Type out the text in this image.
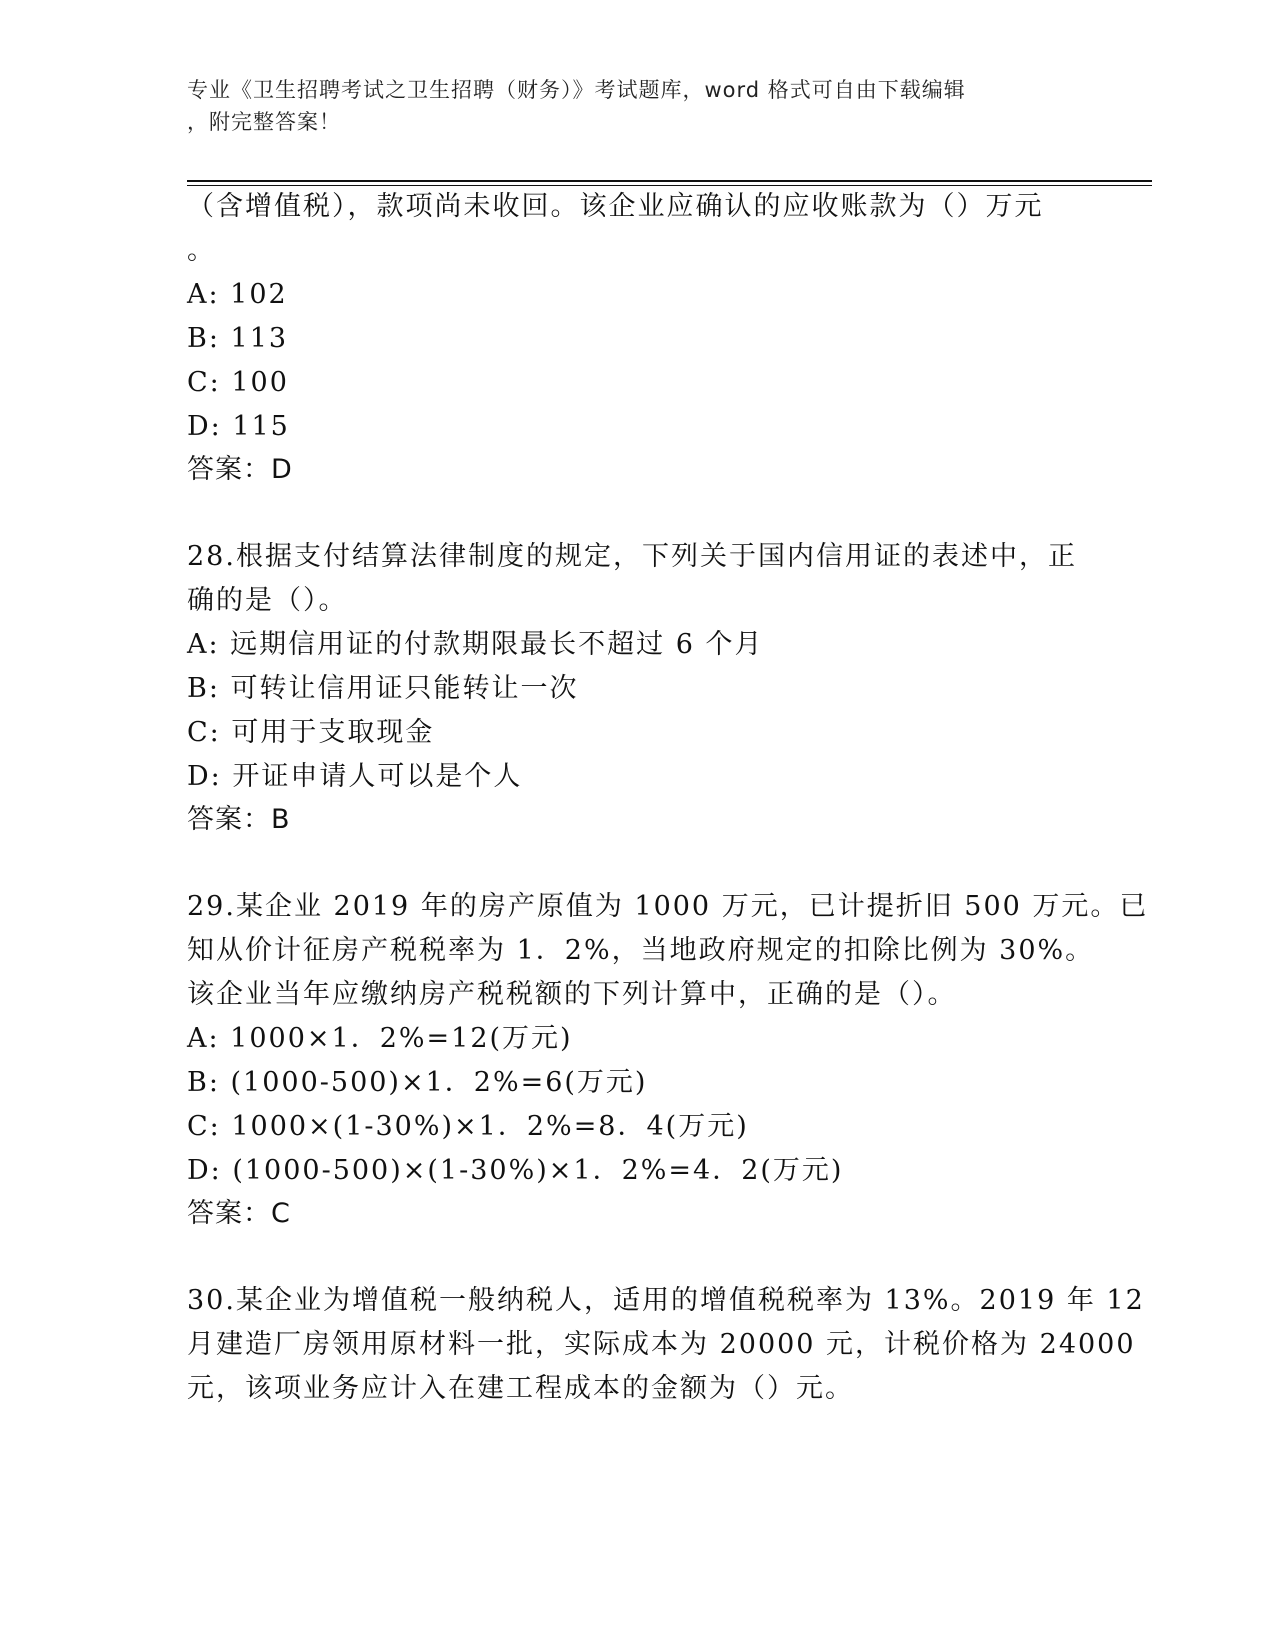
专业《卫生招聘考试之卫生招聘（财务）》考试题库，word 格式可自由下载编辑
，附完整答案！
（含增值税），款项尚未收回。该企业应确认的应收账款为（）万元
。
A: 102
B: 113
C: 100
D: 115
答案：D
28.根据支付结算法律制度的规定，下列关于国内信用证的表述中，正
确的是（）。
A: 远期信用证的付款期限最长不超过 6 个月
B: 可转让信用证只能转让一次
C: 可用于支取现金
D: 开证申请人可以是个人
答案：B
29.某企业 2019 年的房产原值为 1000 万元，已计提折旧 500 万元。已
知从价计征房产税税率为 1．2%，当地政府规定的扣除比例为 30%。
该企业当年应缴纳房产税税额的下列计算中，正确的是（）。
A: 1000×1．2%=12(万元)
B: (1000-500)×1．2%=6(万元)
C: 1000×(1-30%)×1．2%=8．4(万元)
D: (1000-500)×(1-30%)×1．2%=4．2(万元)
答案：C
30.某企业为增值税一般纳税人，适用的增值税税率为 13%。2019 年 12
月建造厂房领用原材料一批，实际成本为 20000 元，计税价格为 24000
元，该项业务应计入在建工程成本的金额为（）元。
